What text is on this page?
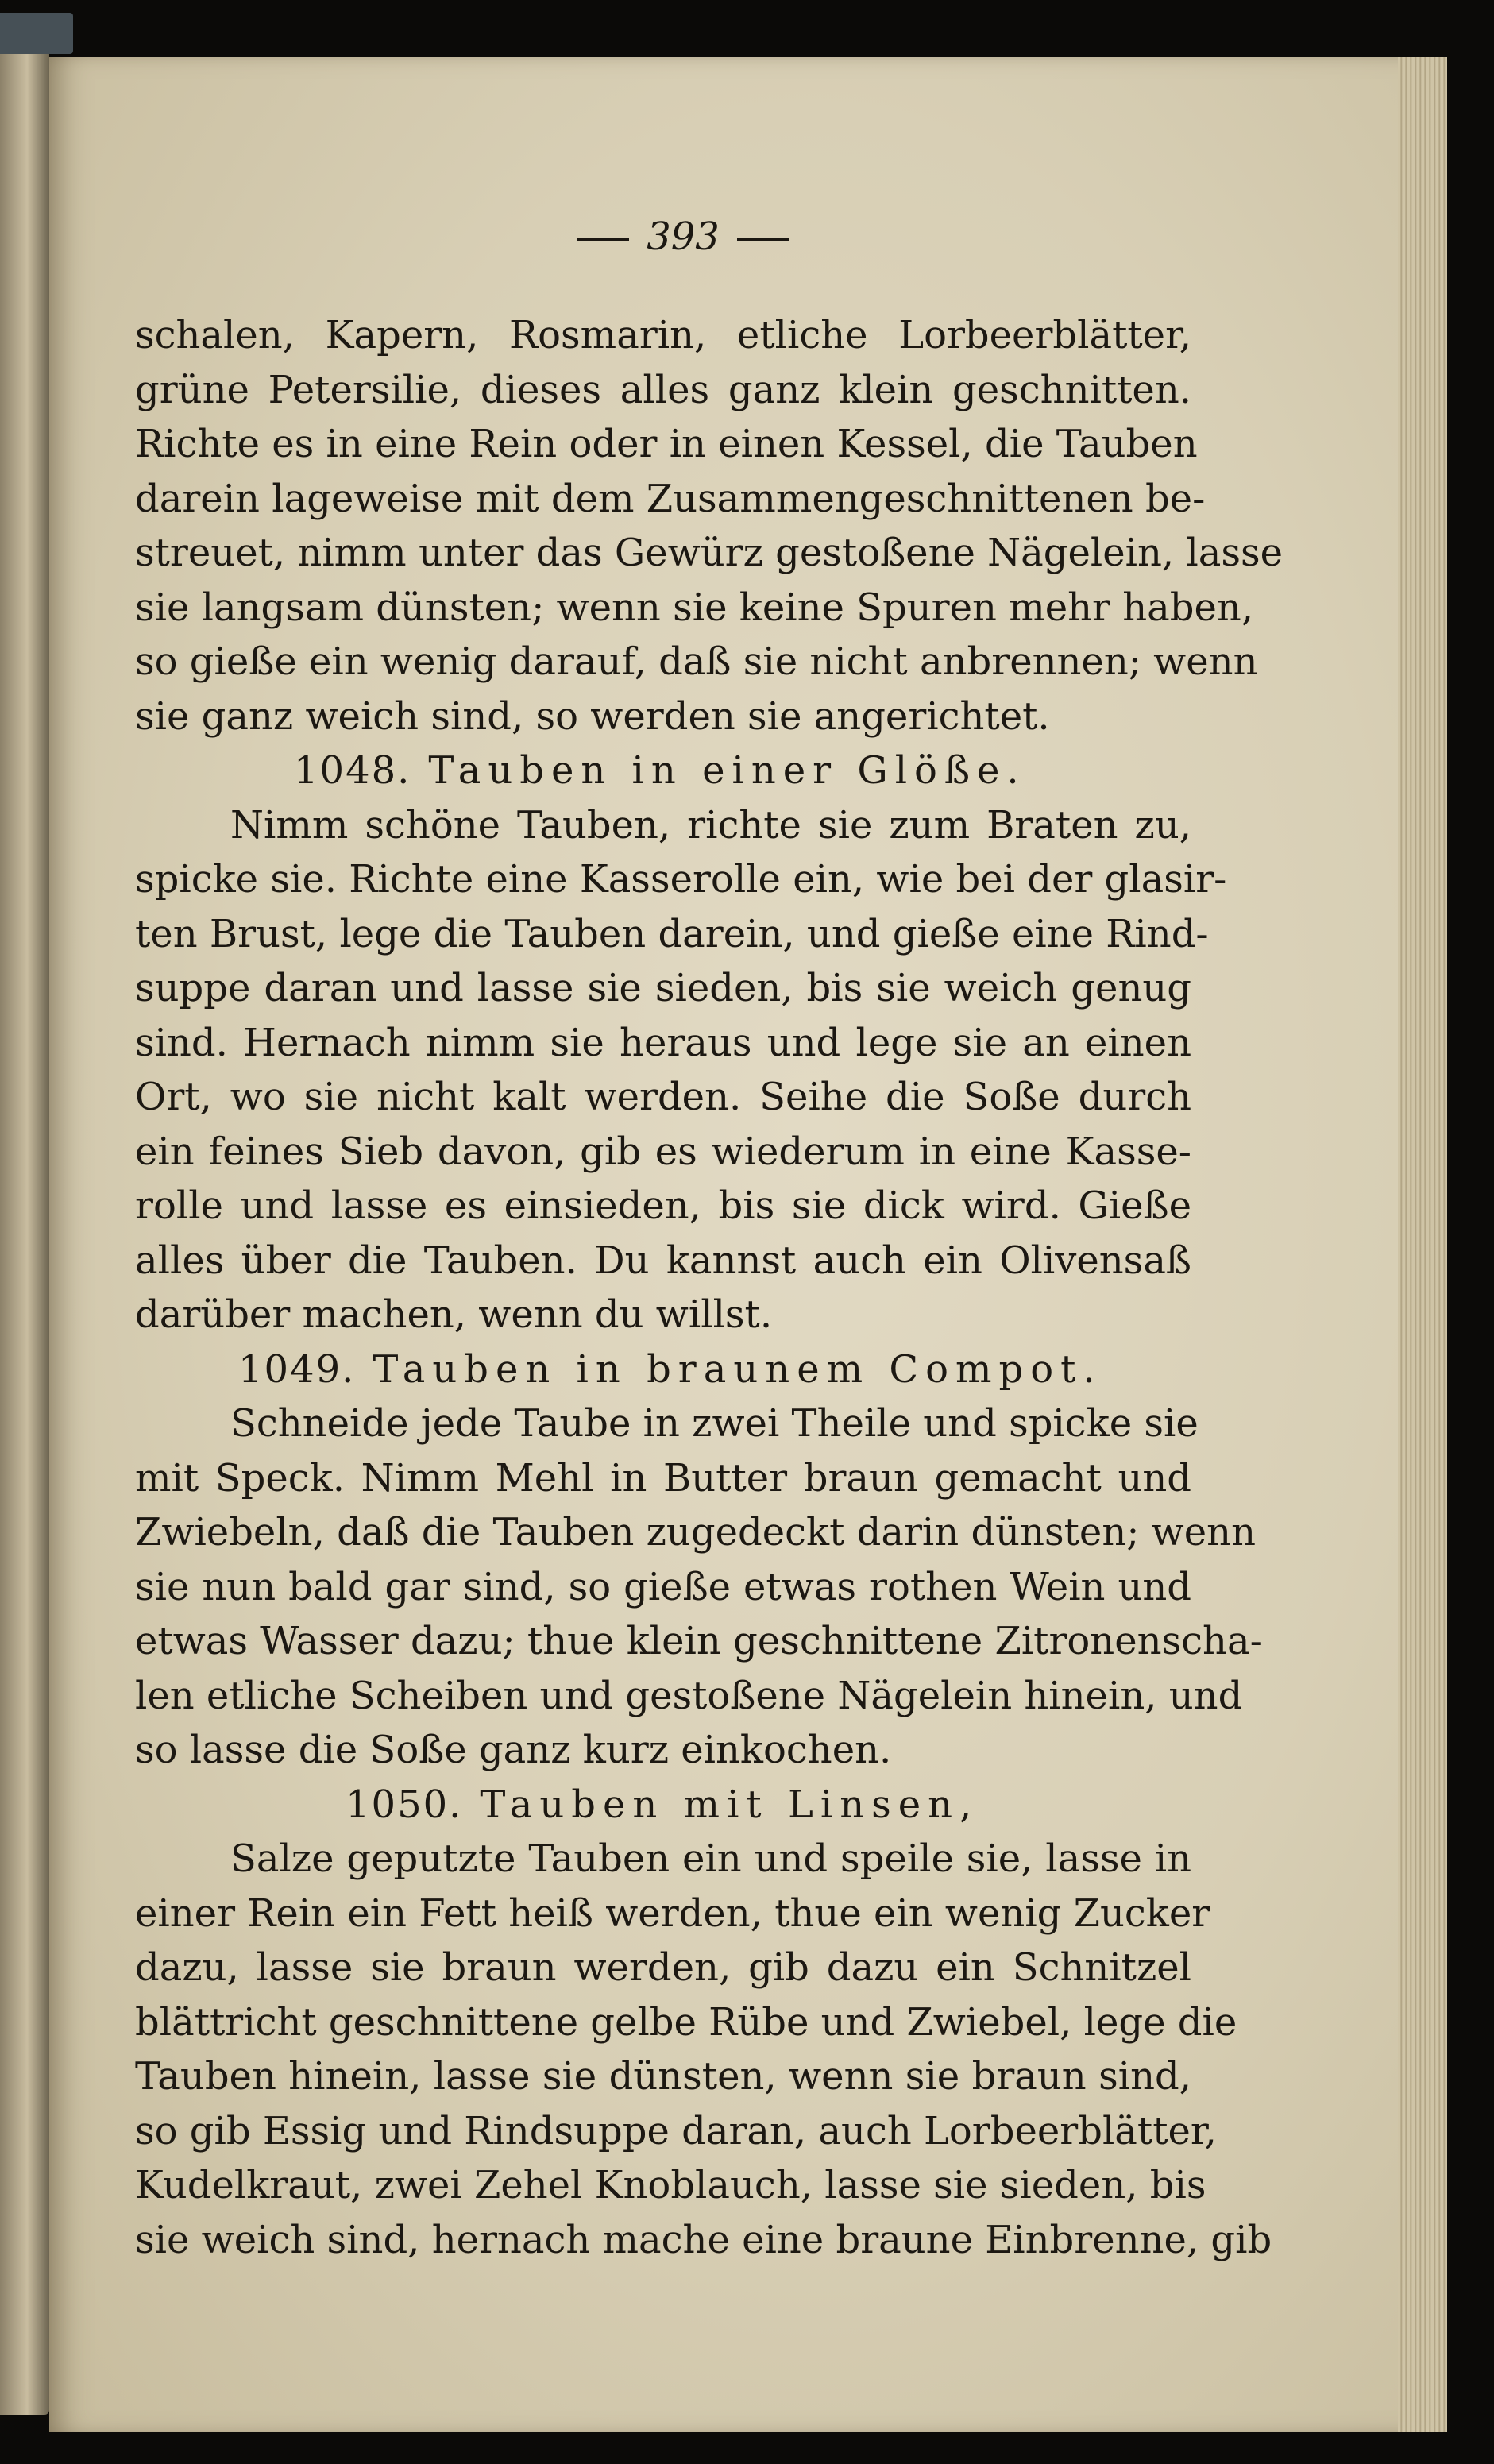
393
schalen, Kapern, Rosmarin, etliche Lorbeerblätter,
grüne Petersilie, dieses alles ganz klein geschnitten.
Richte es in eine Rein oder in einen Kessel, die Tauben
darein lageweise mit dem Zusammengeschnittenen be-
streuet, nimm unter das Gewürz gestoßene Nägelein, lasse
sie langsam dünsten; wenn sie keine Spuren mehr haben,
so gieße ein wenig darauf, daß sie nicht anbrennen; wenn
sie ganz weich sind, so werden sie angerichtet.
1048. Tauben in einer Glöße.
Nimm schöne Tauben, richte sie zum Braten zu,
spicke sie. Richte eine Kasserolle ein, wie bei der glasir-
ten Brust, lege die Tauben darein, und gieße eine Rind-
suppe daran und lasse sie sieden, bis sie weich genug
sind. Hernach nimm sie heraus und lege sie an einen
Ort, wo sie nicht kalt werden. Seihe die Soße durch
ein feines Sieb davon, gib es wiederum in eine Kasse-
rolle und lasse es einsieden, bis sie dick wird. Gieße
alles über die Tauben. Du kannst auch ein Olivensaß
darüber machen, wenn du willst.
1049. Tauben in braunem Compot.
Schneide jede Taube in zwei Theile und spicke sie
mit Speck. Nimm Mehl in Butter braun gemacht und
Zwiebeln, daß die Tauben zugedeckt darin dünsten; wenn
sie nun bald gar sind, so gieße etwas rothen Wein und
etwas Wasser dazu; thue klein geschnittene Zitronenscha-
len etliche Scheiben und gestoßene Nägelein hinein, und
so lasse die Soße ganz kurz einkochen.
1050. Tauben mit Linsen,
Salze geputzte Tauben ein und speile sie, lasse in
einer Rein ein Fett heiß werden, thue ein wenig Zucker
dazu, lasse sie braun werden, gib dazu ein Schnitzel
blättricht geschnittene gelbe Rübe und Zwiebel, lege die
Tauben hinein, lasse sie dünsten, wenn sie braun sind,
so gib Essig und Rindsuppe daran, auch Lorbeerblätter,
Kudelkraut, zwei Zehel Knoblauch, lasse sie sieden, bis
sie weich sind, hernach mache eine braune Einbrenne, gib
